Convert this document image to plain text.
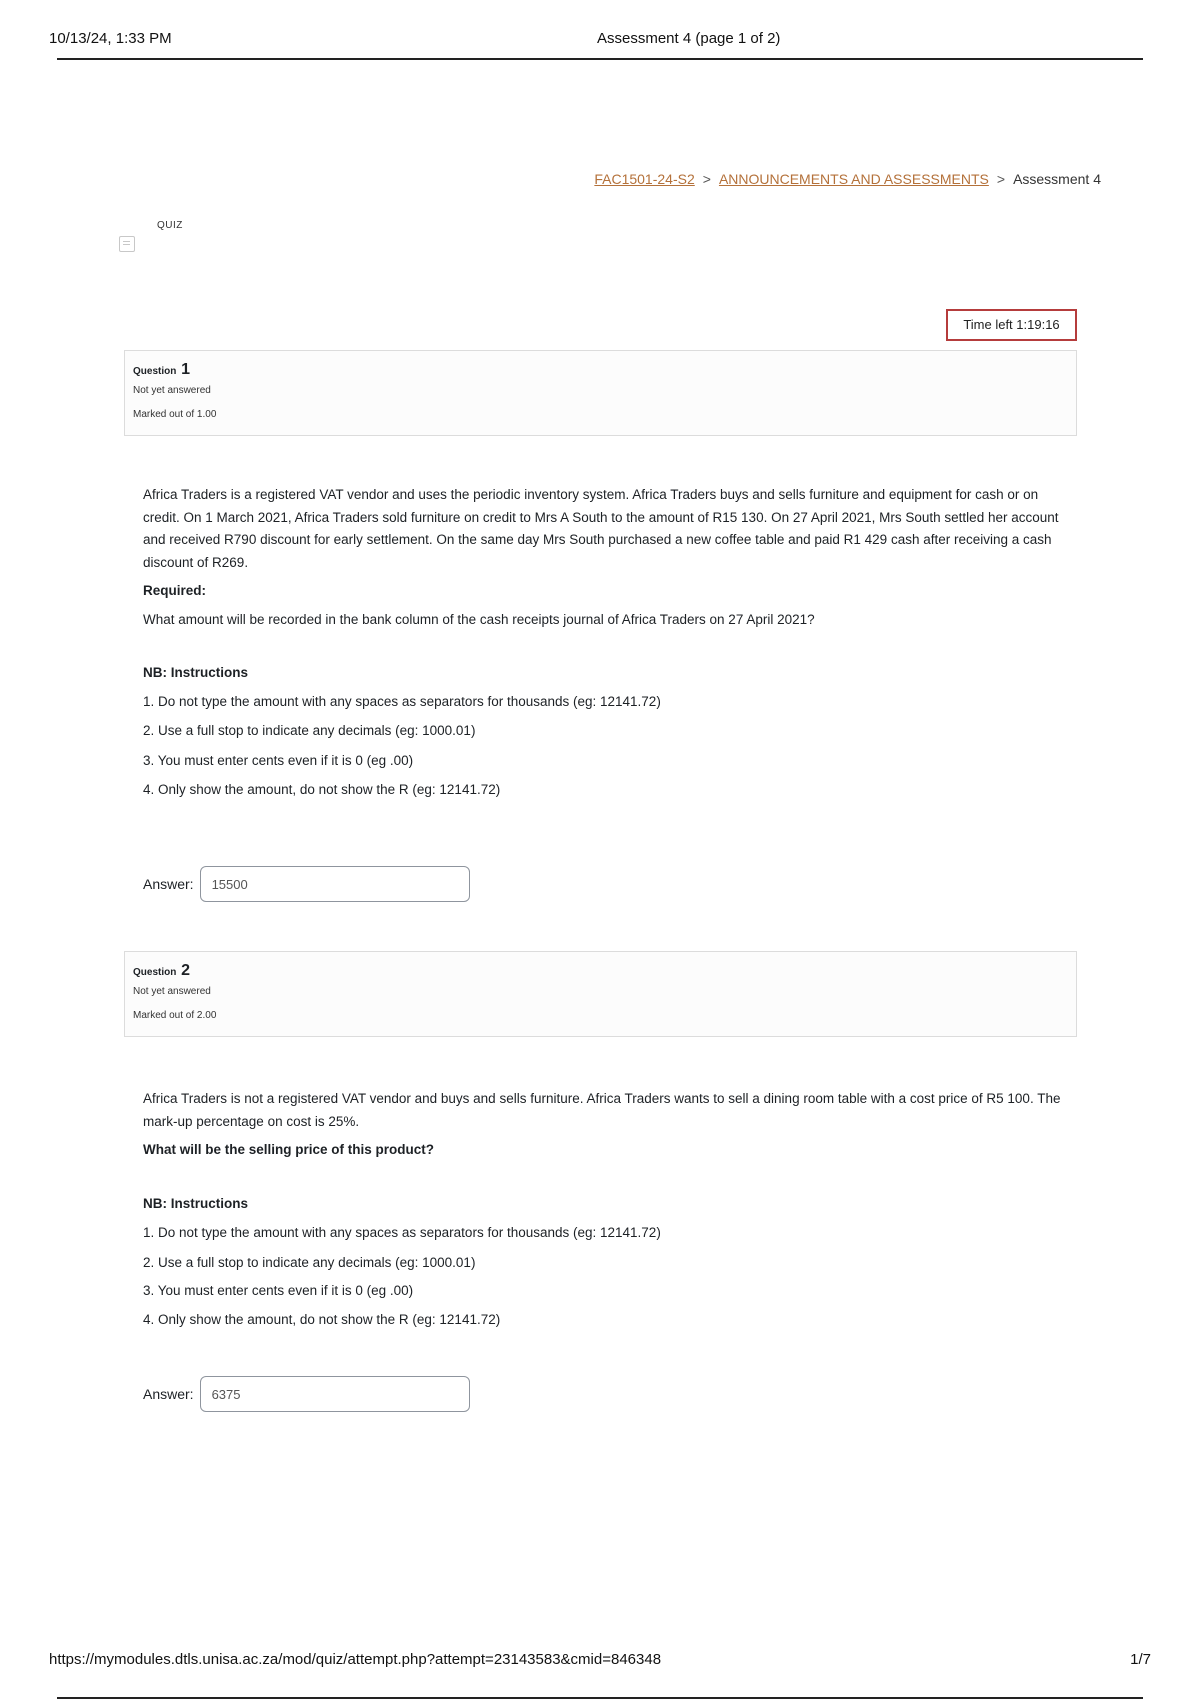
10/13/24, 1:33 PM	Assessment 4 (page 1 of 2)
FAC1501-24-S2 > ANNOUNCEMENTS AND ASSESSMENTS > Assessment 4
QUIZ
Time left 1:19:16
Question 1
Not yet answered
Marked out of 1.00

Africa Traders is a registered VAT vendor and uses the periodic inventory system. Africa Traders buys and sells furniture and equipment for cash or on credit. On 1 March 2021, Africa Traders sold furniture on credit to Mrs A South to the amount of R15 130. On 27 April 2021, Mrs South settled her account and received R790 discount for early settlement. On the same day Mrs South purchased a new coffee table and paid R1 429 cash after receiving a cash discount of R269.

Required:

What amount will be recorded in the bank column of the cash receipts journal of Africa Traders on 27 April 2021?

NB: Instructions

1. Do not type the amount with any spaces as separators for thousands (eg: 12141.72)

2. Use a full stop to indicate any decimals (eg: 1000.01)

3. You must enter cents even if it is 0 (eg .00)

4. Only show the amount, do not show the R (eg: 12141.72)

Answer:
15500
Question 2
Not yet answered
Marked out of 2.00

Africa Traders is not a registered VAT vendor and buys and sells furniture. Africa Traders wants to sell a dining room table with a cost price of R5 100. The mark-up percentage on cost is 25%.

What will be the selling price of this product?

NB: Instructions

1. Do not type the amount with any spaces as separators for thousands (eg: 12141.72)

2. Use a full stop to indicate any decimals (eg: 1000.01)

3. You must enter cents even if it is 0 (eg .00)

4. Only show the amount, do not show the R (eg: 12141.72)

Answer:
6375
https://mymodules.dtls.unisa.ac.za/mod/quiz/attempt.php?attempt=23143583&cmid=846348	1/7
